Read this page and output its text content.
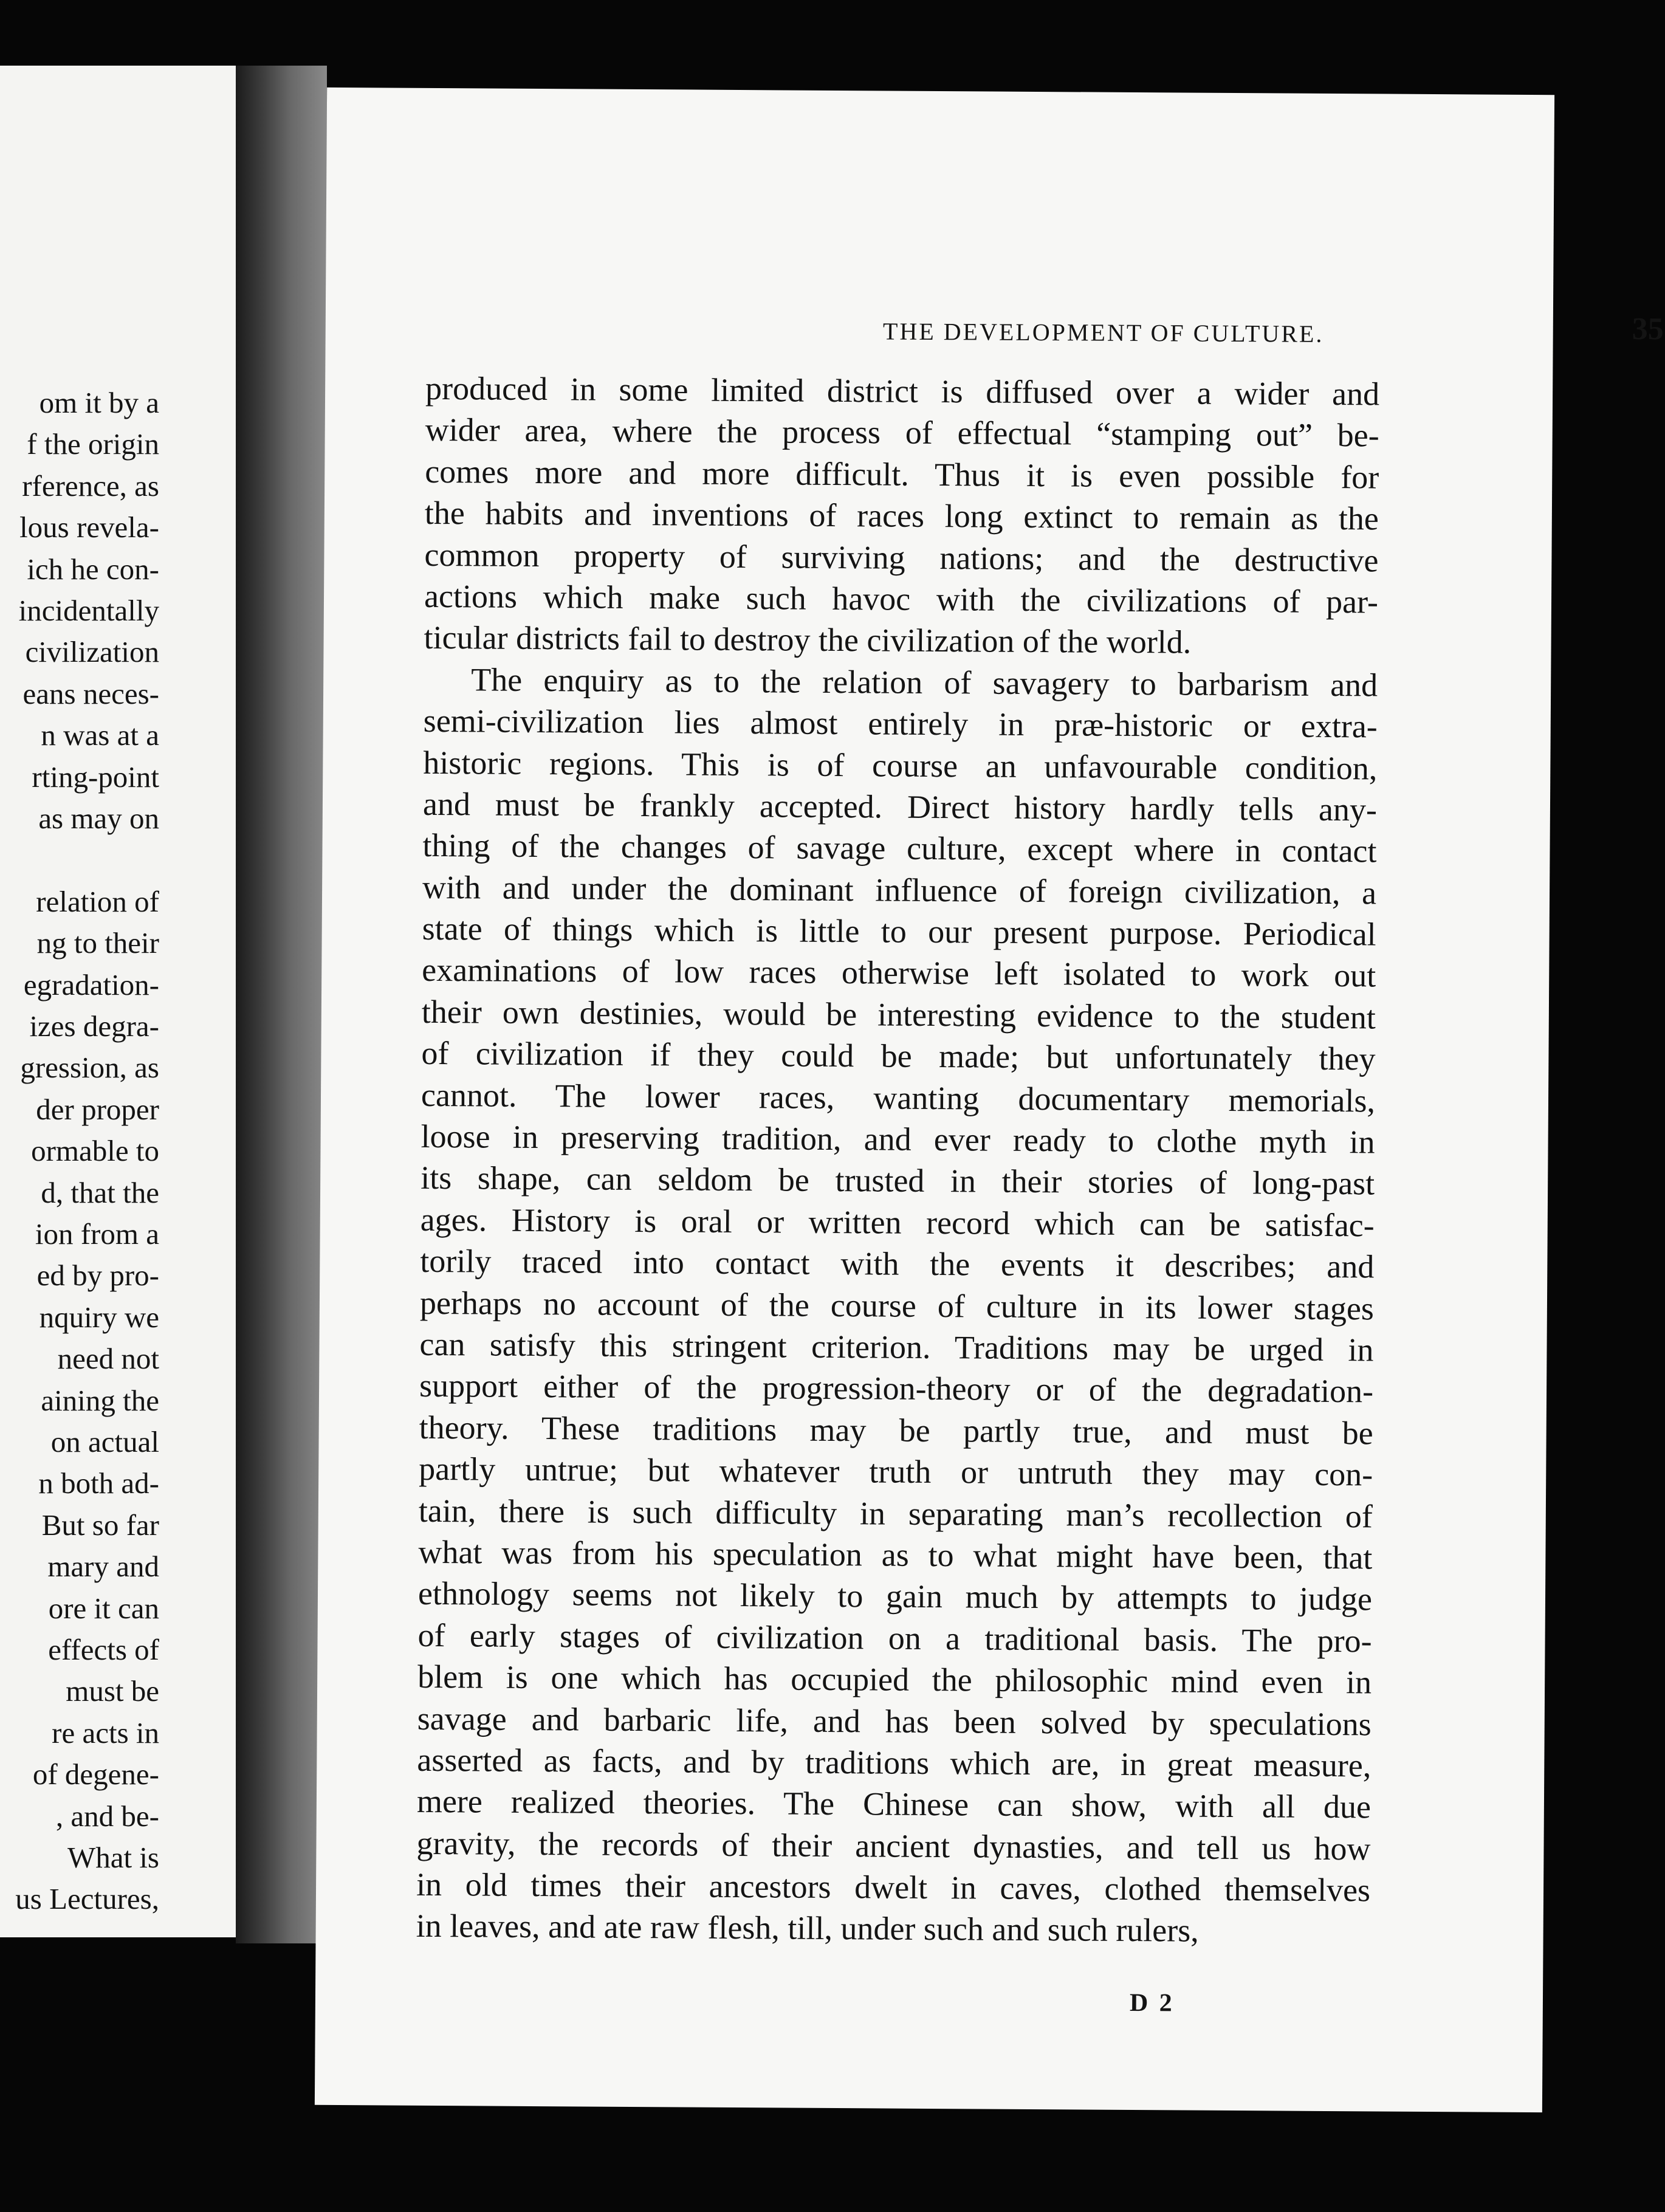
om it by a
f the origin
rference, as
lous revela-
ich he con-
incidentally
civilization
eans neces-
n was at a
rting-point
as may on
relation of
ng to their
egradation-
izes degra-
gression, as
der proper
ormable to
d, that the
ion from a
ed by pro-
nquiry we
need not
aining the
on actual
n both ad-
But so far
mary and
ore it can
effects of
must be
re acts in
of degene-
, and be-
What is
us Lectures,
THE DEVELOPMENT OF CULTURE.	35
produced in some limited district is diffused over a wider and
wider area, where the process of effectual “stamping out” be-
comes more and more difficult. Thus it is even possible for
the habits and inventions of races long extinct to remain as the
common property of surviving nations; and the destructive
actions which make such havoc with the civilizations of par-
ticular districts fail to destroy the civilization of the world.
The enquiry as to the relation of savagery to barbarism and
semi-civilization lies almost entirely in præ-historic or extra-
historic regions. This is of course an unfavourable condition,
and must be frankly accepted. Direct history hardly tells any-
thing of the changes of savage culture, except where in contact
with and under the dominant influence of foreign civilization, a
state of things which is little to our present purpose. Periodical
examinations of low races otherwise left isolated to work out
their own destinies, would be interesting evidence to the student
of civilization if they could be made; but unfortunately they
cannot. The lower races, wanting documentary memorials,
loose in preserving tradition, and ever ready to clothe myth in
its shape, can seldom be trusted in their stories of long-past
ages. History is oral or written record which can be satisfac-
torily traced into contact with the events it describes; and
perhaps no account of the course of culture in its lower stages
can satisfy this stringent criterion. Traditions may be urged in
support either of the progression-theory or of the degradation-
theory. These traditions may be partly true, and must be
partly untrue; but whatever truth or untruth they may con-
tain, there is such difficulty in separating man’s recollection of
what was from his speculation as to what might have been, that
ethnology seems not likely to gain much by attempts to judge
of early stages of civilization on a traditional basis. The pro-
blem is one which has occupied the philosophic mind even in
savage and barbaric life, and has been solved by speculations
asserted as facts, and by traditions which are, in great measure,
mere realized theories. The Chinese can show, with all due
gravity, the records of their ancient dynasties, and tell us how
in old times their ancestors dwelt in caves, clothed themselves
in leaves, and ate raw flesh, till, under such and such rulers,
D 2
